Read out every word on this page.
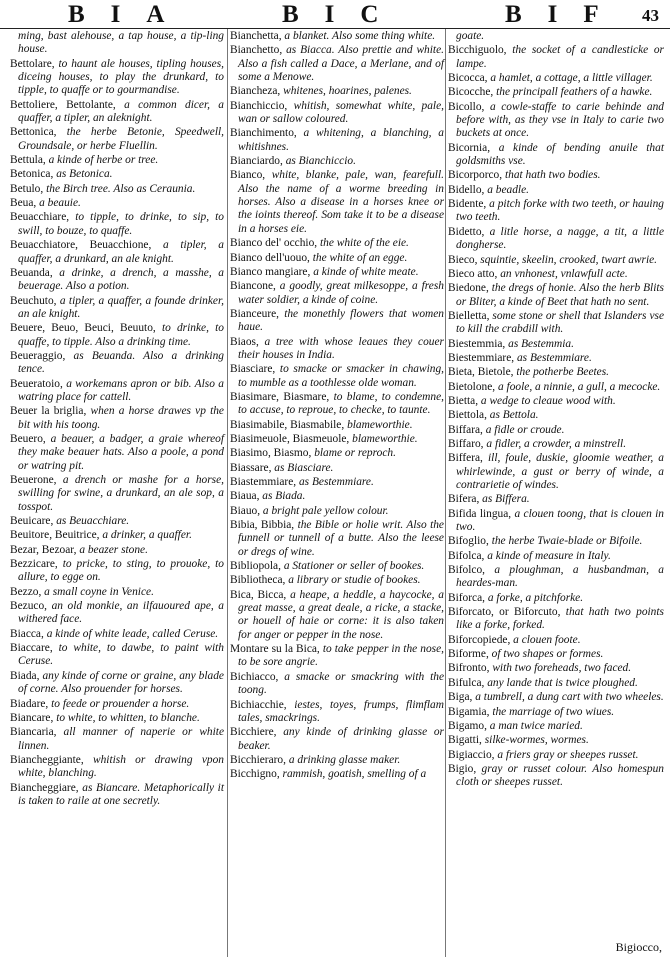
BIA	BIC	BIF 43
ming, bast alehouse, a tap house, a tip-ling house.
Bettolare, to haunt ale houses, tipling houses, diceing houses, to play the drunkard, to tipple, to quaffe or to gourmandise.
Bettoliere, Bettolante, a common dicer, a quaffer, a tipler, an aleknight.
Bettonica, the herbe Betonie, Speedwell, Groundsale, or herbe Fluellin.
Bettula, a kinde of herbe or tree.
Betonica, as Betonica.
Betulo, the Birch tree. Also as Ceraunia.
Beua, a beauie.
Beuacchiare, to tipple, to drinke, to sip, to swill, to bouze, to quaffe.
Beuacchiatore, Beuacchione, a tipler, a quaffer, a drunkard, an ale knight.
Beuanda, a drinke, a drench, a masshe, a beuerage. Also a potion.
Beuchuto, a tipler, a quaffer, a founde drinker, an ale knight.
Beuere, Beuo, Beuci, Beuuto, to drinke, to quaffe, to tipple. Also a drinking time.
Beueraggio, as Beuanda. Also a drinking tence.
Beueratoio, a workemans apron or bib. Also a watring place for cattell.
Beuer la briglia, when a horse drawes vp the bit with his toong.
Beuero, a beauer, a badger, a graie whereof they make beauer hats. Also a poole, a pond or watring pit.
Beuerone, a drench or mashe for a horse, swilling for swine, a drunkard, an ale sop, a tosspot.
Beuicare, as Beuacchiare.
Beuitore, Beuitrice, a drinker, a quaffer.
Bezar, Bezoar, a beazer stone.
Bezzicare, to pricke, to sting, to prouoke, to allure, to egge on.
Bezzo, a small coyne in Venice.
Bezuco, an old monkie, an ilfauoured ape, a withered face.
Biacca, a kinde of white leade, called Ceruse.
Biaccare, to white, to dawbe, to paint with Ceruse.
Biada, any kinde of corne or graine, any blade of corne. Also prouender for horses.
Biadare, to feede or prouender a horse.
Biancare, to white, to whitten, to blanche.
Biancaria, all manner of naperie or white linnen.
Biancheggiante, whitish or drawing vpon white, blanching.
Biancheggiare, as Biancare. Metaphorically it is taken to raile at one secretly.
Bianchetta, a blanket. Also some thing white.
Bianchetto, as Biacca. Also prettie and white. Also a fish called a Dace, a Merlane, and of some a Menowe.
Biancheza, whitenes, hoarines, palenes.
Bianchiccio, whitish, somewhat white, pale, wan or sallow coloured.
Bianchimento, a whitening, a blanching, a whitishnes.
Bianciardo, as Bianchiccio.
Bianco, white, blanke, pale, wan, fearefull. Also the name of a worme breeding in horses. Also a disease in a horses knee or the ioints thereof. Som take it to be a disease in a horses eie.
Bianco del' occhio, the white of the eie.
Bianco dell'uouo, the white of an egge.
Bianco mangiare, a kinde of white meate.
Biancone, a goodly, great milkesoppe, a fresh water soldier, a kinde of coine.
Bianceure, the monethly flowers that women haue.
Biaos, a tree with whose leaues they couer their houses in India.
Biasciare, to smacke or smacker in chawing, to mumble as a toothlesse olde woman.
Biasimare, Biasmare, to blame, to condemne, to accuse, to reproue, to checke, to taunte.
Biasimabile, Biasmabile, blameworthie.
Biasimeuole, Biasmeuole, blameworthie.
Biasimo, Biasmo, blame or reproch.
Biassare, as Biasciare.
Biastemmiare, as Bestemmiare.
Biaua, as Biada.
Biauo, a bright pale yellow colour.
Bibia, Bibbia, the Bible or holie writ. Also the funnell or tunnell of a butte. Also the leese or dregs of wine.
Bibliopola, a Stationer or seller of bookes.
Bibliotheca, a library or studie of bookes.
Bica, Bicca, a heape, a heddle, a haycocke, a great masse, a great deale, a ricke, a stacke, or houell of haie or corne: it is also taken for anger or pepper in the nose.
Montare su la Bica, to take pepper in the nose, to be sore angrie.
Bichiacco, a smacke or smackring with the toong.
Bichiacchie, iestes, toyes, frumps, flimflam tales, smackrings.
Bicchiere, any kinde of drinking glasse or beaker.
Bicchieraro, a drinking glasse maker.
Bicchigno, rammish, goatish, smelling of a
goate.
Bicchiguolo, the socket of a candlesticke or lampe.
Bicocca, a hamlet, a cottage, a little villager.
Bicocche, the principall feathers of a hawke.
Bicollo, a cowle-staffe to carie behinde and before with, as they vse in Italy to carie two buckets at once.
Bicornia, a kinde of bending anuile that goldsmiths vse.
Bicorporco, that hath two bodies.
Bidello, a beadle.
Bidente, a pitch forke with two teeth, or hauing two teeth.
Bidetto, a litle horse, a nagge, a tit, a little dongherse.
Bieco, squintie, skeelin, crooked, twart awrie.
Bieco atto, an vnhonest, vnlawfull acte.
Biedone, the dregs of honie. Also the herb Blits or Bliter, a kinde of Beet that hath no sent.
Bielletta, some stone or shell that Islanders vse to kill the crabdill with.
Biestemmia, as Bestemmia.
Biestemmiare, as Bestemmiare.
Bieta, Bietole, the potherbe Beetes.
Bietolone, a foole, a ninnie, a gull, a mecocke.
Bietta, a wedge to cleaue wood with.
Biettola, as Bettola.
Biffara, a fidle or croude.
Biffaro, a fidler, a crowder, a minstrell.
Biffera, ill, foule, duskie, gloomie weather, a whirlewinde, a gust or berry of winde, a contrarietie of windes.
Bifera, as Biffera.
Bifida lingua, a clouen toong, that is clouen in two.
Bifoglio, the herbe Twaie-blade or Bifoile.
Bifolca, a kinde of measure in Italy.
Bifolco, a ploughman, a husbandman, a heardes-man.
Biforca, a forke, a pitchforke.
Biforcato, or Biforcuto, that hath two points like a forke, forked.
Biforcopiede, a clouen foote.
Biforme, of two shapes or formes.
Bifronto, with two foreheads, two faced.
Bifulca, any lande that is twice ploughed.
Biga, a tumbrell, a dung cart with two wheeles.
Bigamia, the marriage of two wiues.
Bigamo, a man twice maried.
Bigatti, silke-wormes, wormes.
Bigiaccio, a friers gray or sheepes russet.
Bigio, gray or russet colour. Also homespun cloth or sheepes russet.
Bigiocco,
